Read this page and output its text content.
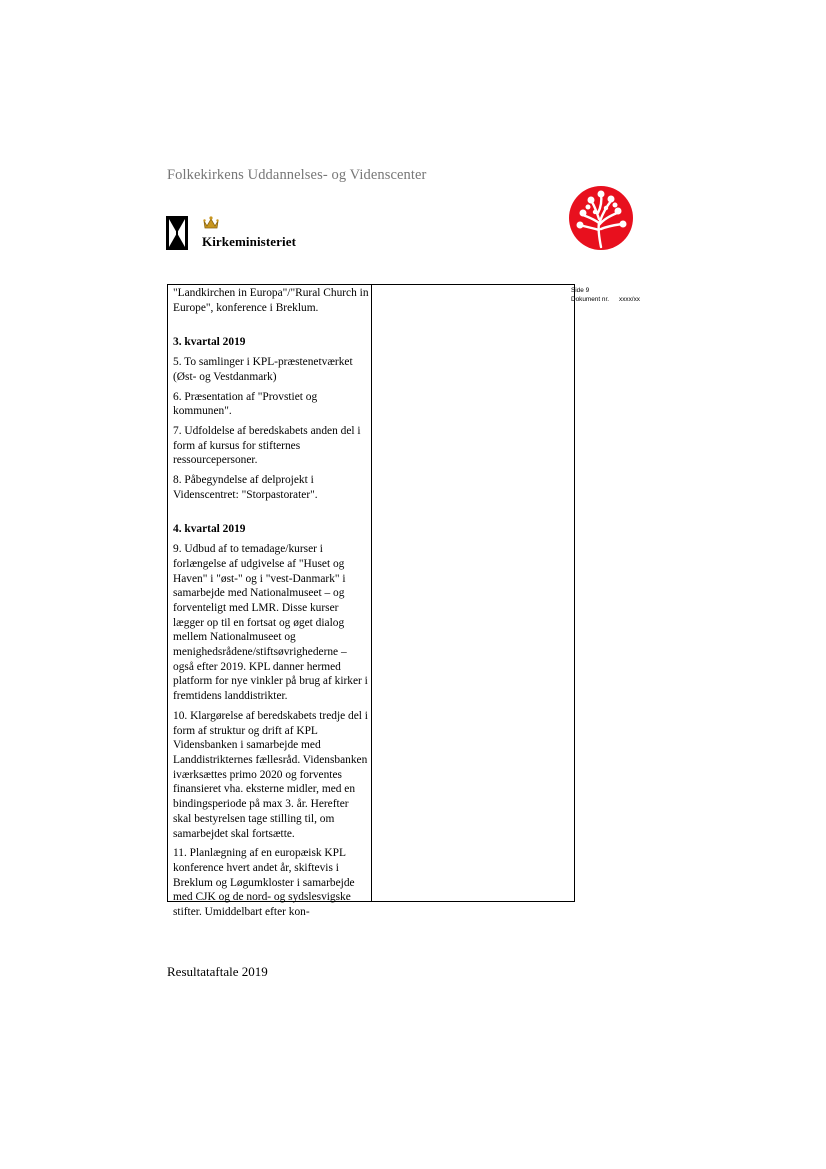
Folkekirkens Uddannelses- og Videnscenter
Kirkeministeriet
Side 9
Dokument nr. xxxx/xx

"Landkirchen in Europa"/"Rural Church in Europe", konference i Breklum.

3. kvartal 2019

5. To samlinger i KPL-præstenetværket (Øst- og Vestdanmark)

6. Præsentation af "Provstiet og kommunen".

7. Udfoldelse af beredskabets anden del i form af kursus for stifternes ressourcepersoner.

8. Påbegyndelse af delprojekt i Videnscentret: "Storpastorater".

4. kvartal 2019

9. Udbud af to temadage/kurser i forlængelse af udgivelse af "Huset og Haven" i "øst-" og i "vest-Danmark" i samarbejde med Nationalmuseet – og forventeligt med LMR. Disse kurser lægger op til en fortsat og øget dialog mellem Nationalmuseet og menighedsrådene/stiftsøvrighederne – også efter 2019. KPL danner hermed platform for nye vinkler på brug af kirker i fremtidens landdistrikter.

10. Klargørelse af beredskabets tredje del i form af struktur og drift af KPL Vidensbanken i samarbejde med Landdistrikternes fællesråd. Vidensbanken iværksættes primo 2020 og forventes finansieret vha. eksterne midler, med en bindingsperiode på max 3. år. Herefter skal bestyrelsen tage stilling til, om samarbejdet skal fortsætte.

11. Planlægning af en europæisk KPL konference hvert andet år, skiftevis i Breklum og Løgumkloster i samarbejde med CJK og de nord- og sydslesvigske stifter. Umiddelbart efter kon-

Resultataftale 2019
